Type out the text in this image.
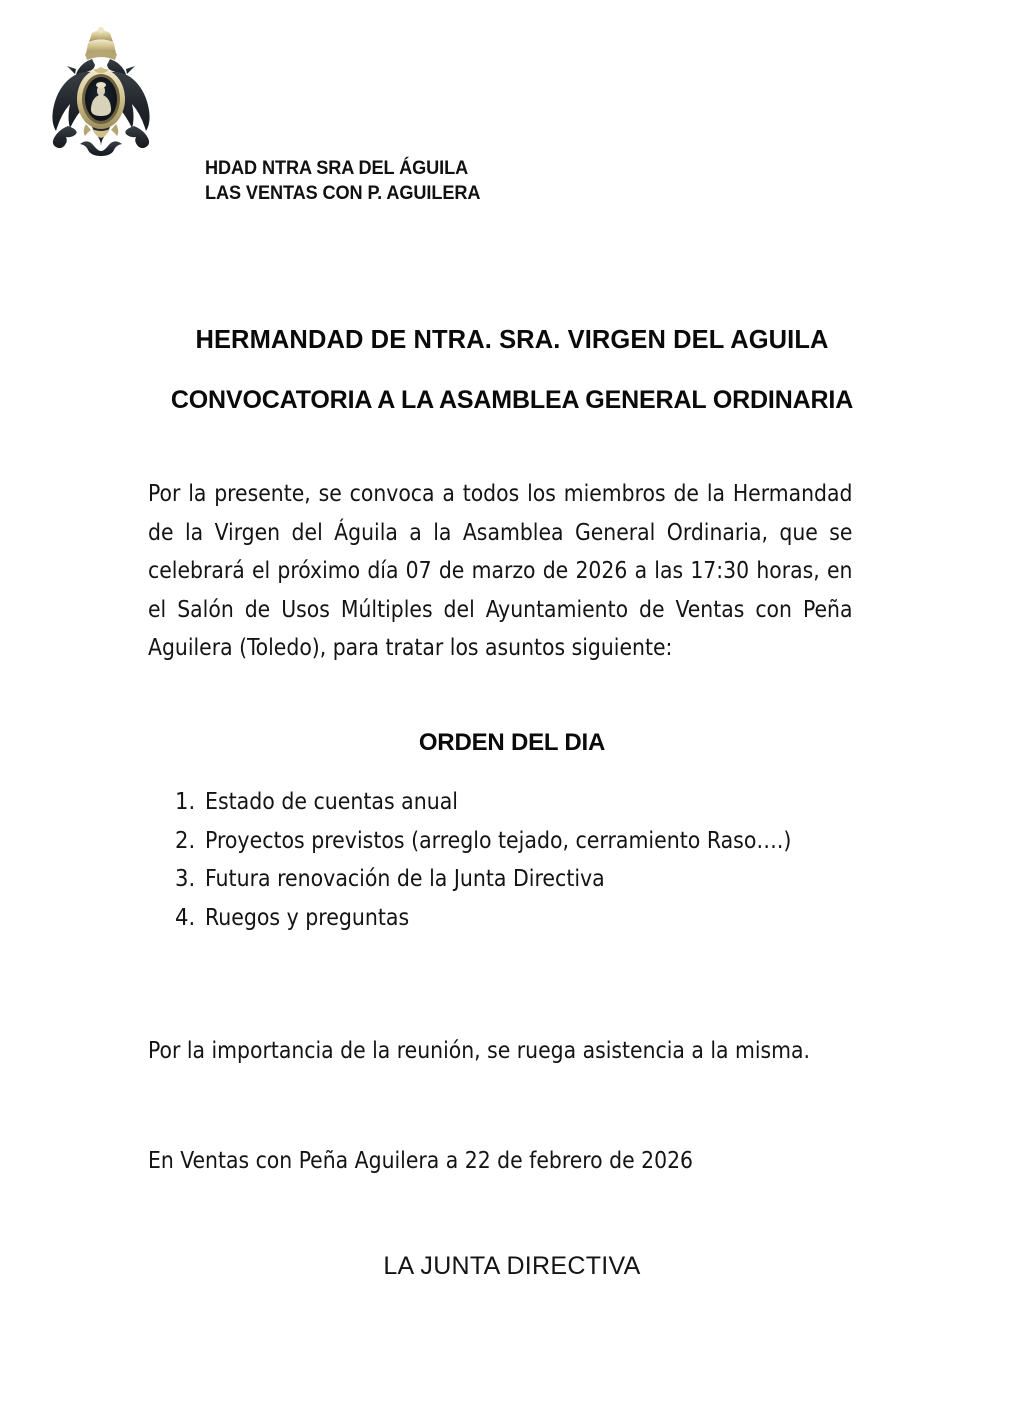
HDAD NTRA SRA DEL ÁGUILA
LAS VENTAS CON P. AGUILERA
HERMANDAD DE NTRA. SRA. VIRGEN DEL AGUILA
CONVOCATORIA A LA ASAMBLEA GENERAL ORDINARIA
Por la presente, se convoca a todos los miembros de la Hermandad de la Virgen del Águila a la Asamblea General Ordinaria, que se celebrará el próximo día 07 de marzo de 2026 a las 17:30 horas, en el Salón de Usos Múltiples del Ayuntamiento de Ventas con Peña Aguilera (Toledo), para tratar los asuntos siguiente:
ORDEN DEL DIA
1. Estado de cuentas anual
2. Proyectos previstos (arreglo tejado, cerramiento Raso….)
3. Futura renovación de la Junta Directiva
4. Ruegos y preguntas
Por la importancia de la reunión, se ruega asistencia a la misma.
En Ventas con Peña Aguilera a 22 de febrero de 2026
LA JUNTA DIRECTIVA
